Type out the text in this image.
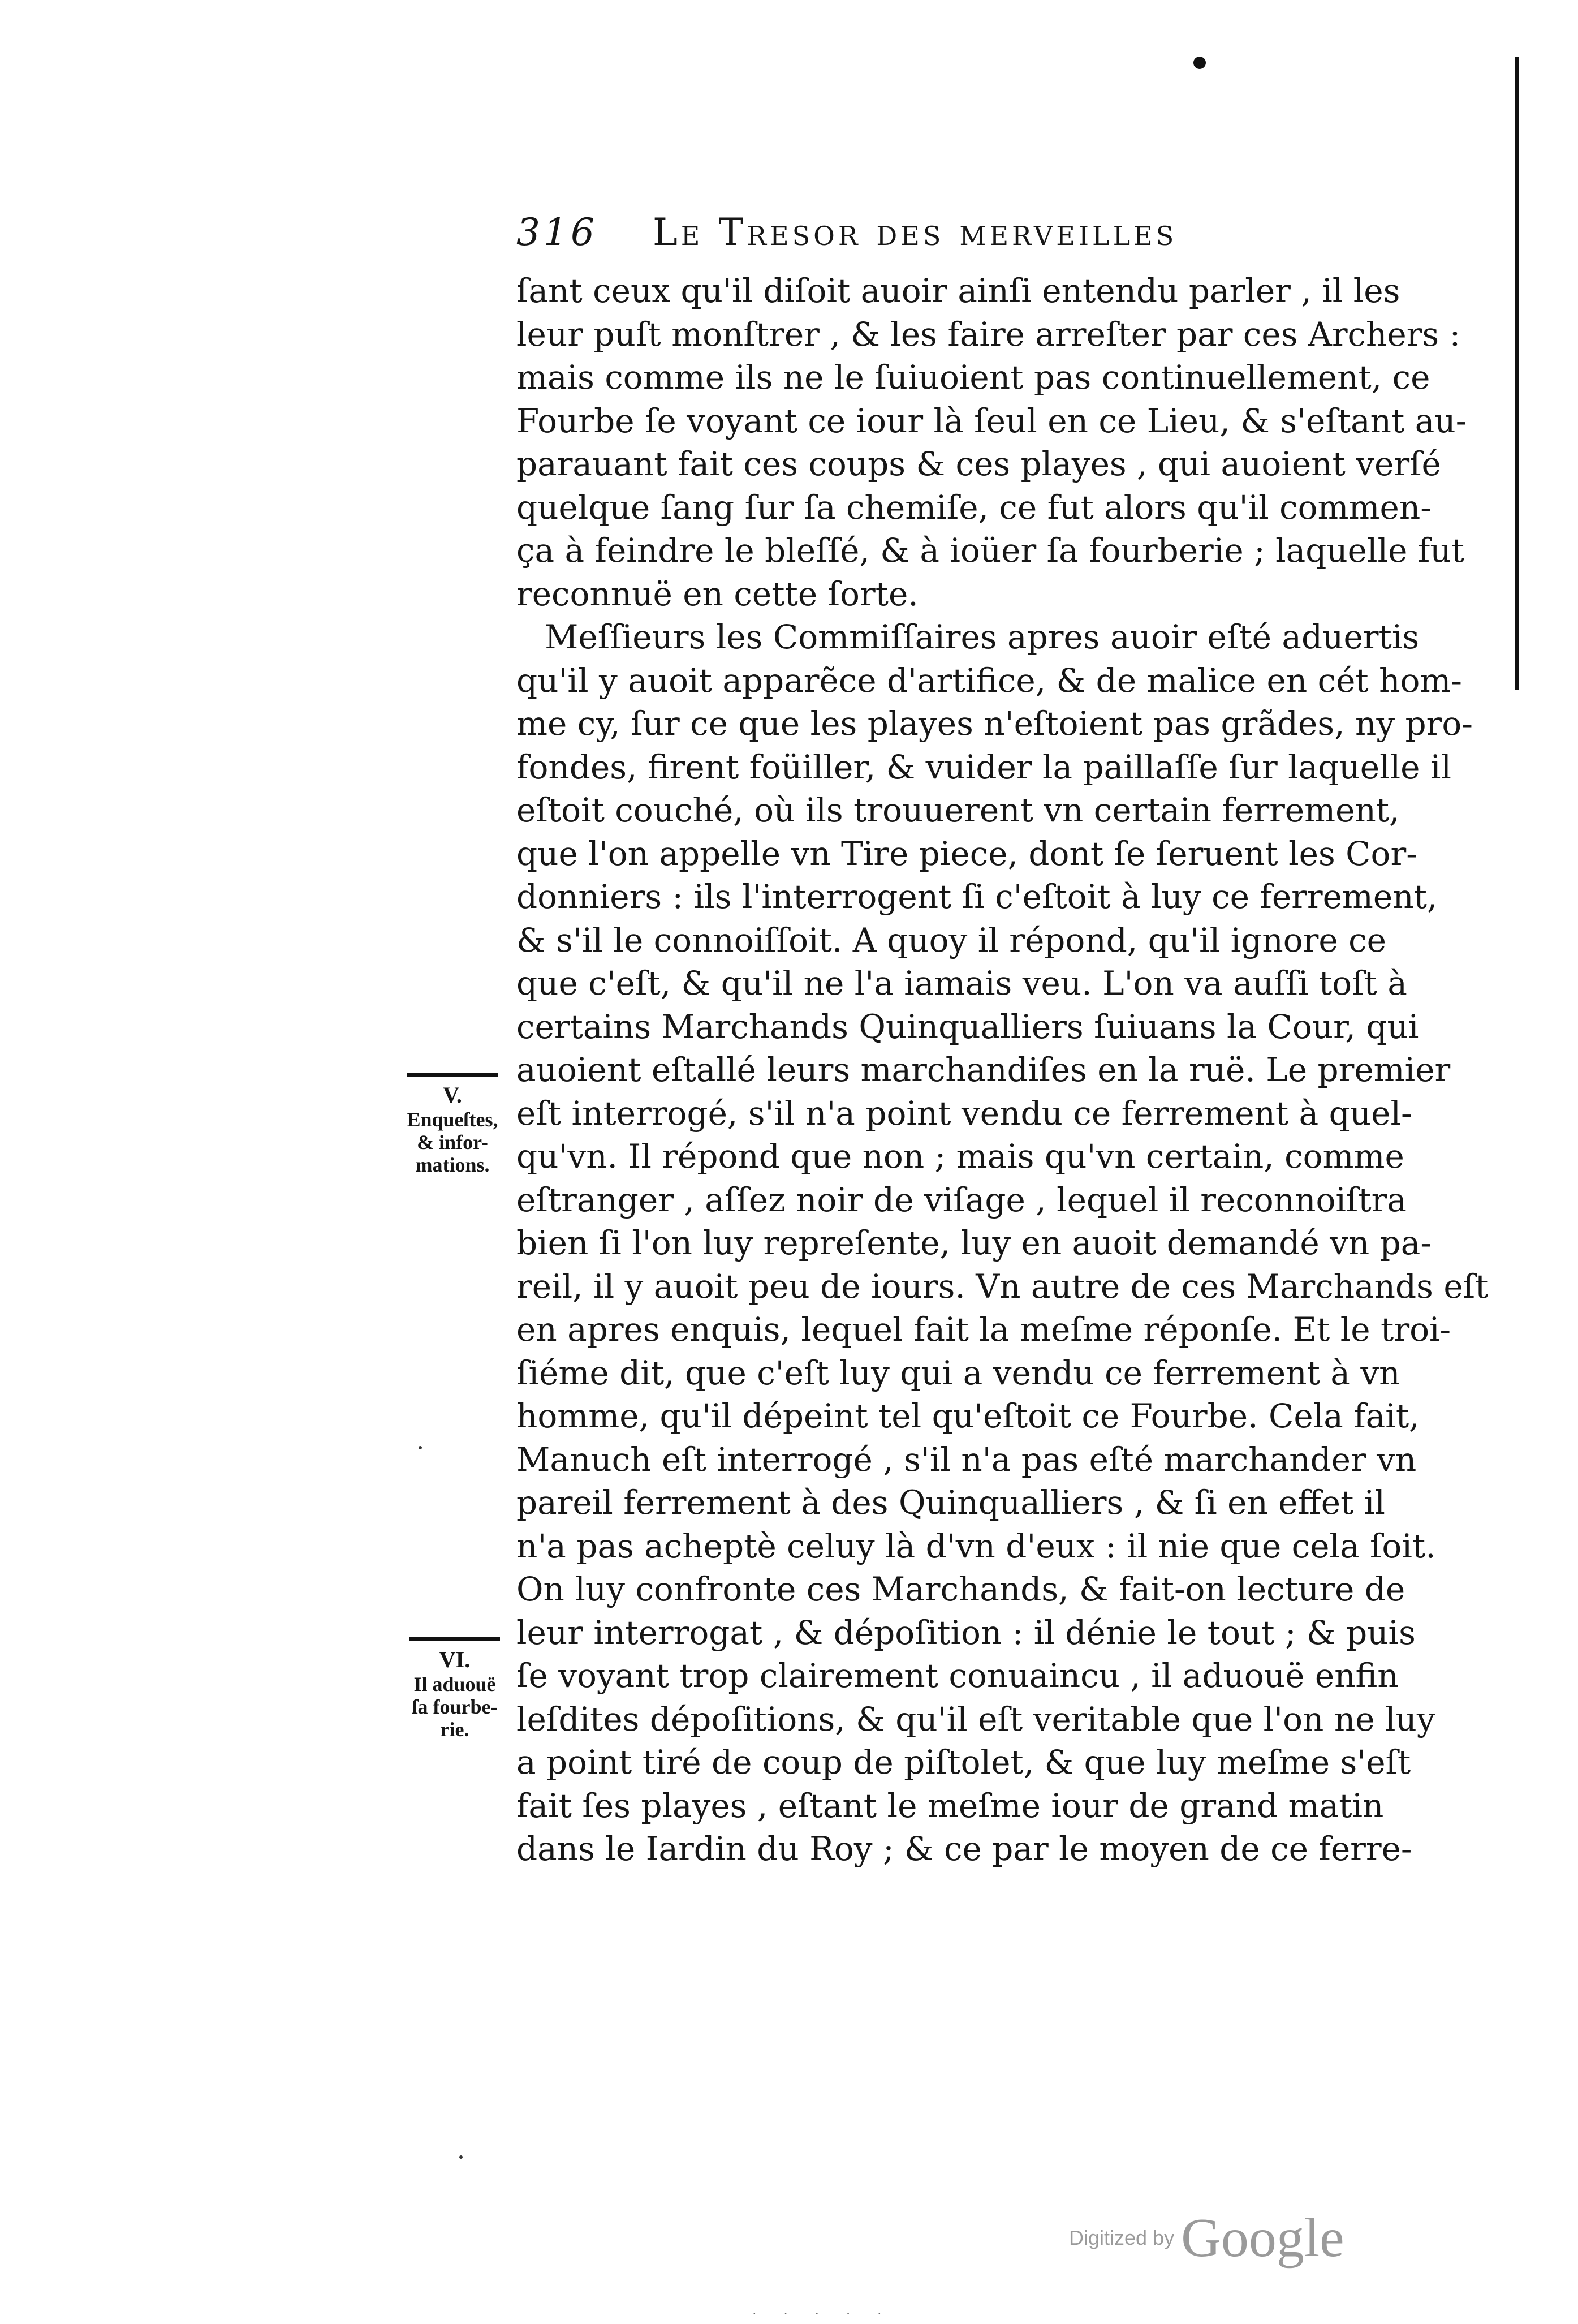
316 Le Tresor des merveilles
ſant ceux qu'il diſoit auoir ainſi entendu parler , il les
leur puſt monſtrer , & les faire arreſter par ces Archers :
mais comme ils ne le ſuiuoient pas continuellement, ce
Fourbe ſe voyant ce iour là ſeul en ce Lieu, & s'eſtant au-
parauant fait ces coups & ces playes , qui auoient verſé
quelque ſang ſur ſa chemiſe, ce fut alors qu'il commen-
ça à feindre le bleſſé, & à ioüer ſa fourberie ; laquelle fut
reconnuë en cette ſorte.
Meſſieurs les Commiſſaires apres auoir eſté aduertis
qu'il y auoit apparẽce d'artifice, & de malice en cét hom-
me cy, ſur ce que les playes n'eſtoient pas grãdes, ny pro-
fondes, firent foüiller, & vuider la paillaſſe ſur laquelle il
eſtoit couché, où ils trouuerent vn certain ferrement,
que l'on appelle vn Tire piece, dont ſe ſeruent les Cor-
donniers : ils l'interrogent ſi c'eſtoit à luy ce ferrement,
& s'il le connoiſſoit. A quoy il répond, qu'il ignore ce
que c'eſt, & qu'il ne l'a iamais veu. L'on va auſſi toſt à
certains Marchands Quinqualliers ſuiuans la Cour, qui
auoient eſtallé leurs marchandiſes en la ruë. Le premier
eſt interrogé, s'il n'a point vendu ce ferrement à quel-
qu'vn. Il répond que non ; mais qu'vn certain, comme
eſtranger , aſſez noir de viſage , lequel il reconnoiſtra
bien ſi l'on luy repreſente, luy en auoit demandé vn pa-
reil, il y auoit peu de iours. Vn autre de ces Marchands eſt
en apres enquis, lequel fait la meſme réponſe. Et le troi-
ſiéme dit, que c'eſt luy qui a vendu ce ferrement à vn
homme, qu'il dépeint tel qu'eſtoit ce Fourbe. Cela fait,
Manuch eſt interrogé , s'il n'a pas eſté marchander vn
pareil ferrement à des Quinqualliers , & ſi en effet il
n'a pas acheptè celuy là d'vn d'eux : il nie que cela ſoit.
On luy confronte ces Marchands, & fait-on lecture de
leur interrogat , & dépoſition : il dénie le tout ; & puis
ſe voyant trop clairement conuaincu , il aduouë enfin
leſdites dépoſitions, & qu'il eſt veritable que l'on ne luy
a point tiré de coup de piſtolet, & que luy meſme s'eſt
fait ſes playes , eſtant le meſme iour de grand matin
dans le Iardin du Roy ; & ce par le moyen de ce ferre-
V.
Enqueſtes,
& infor-
mations.
VI.
Il aduouë
ſa fourbe-
rie.
Digitized by Google
· · · · ·
